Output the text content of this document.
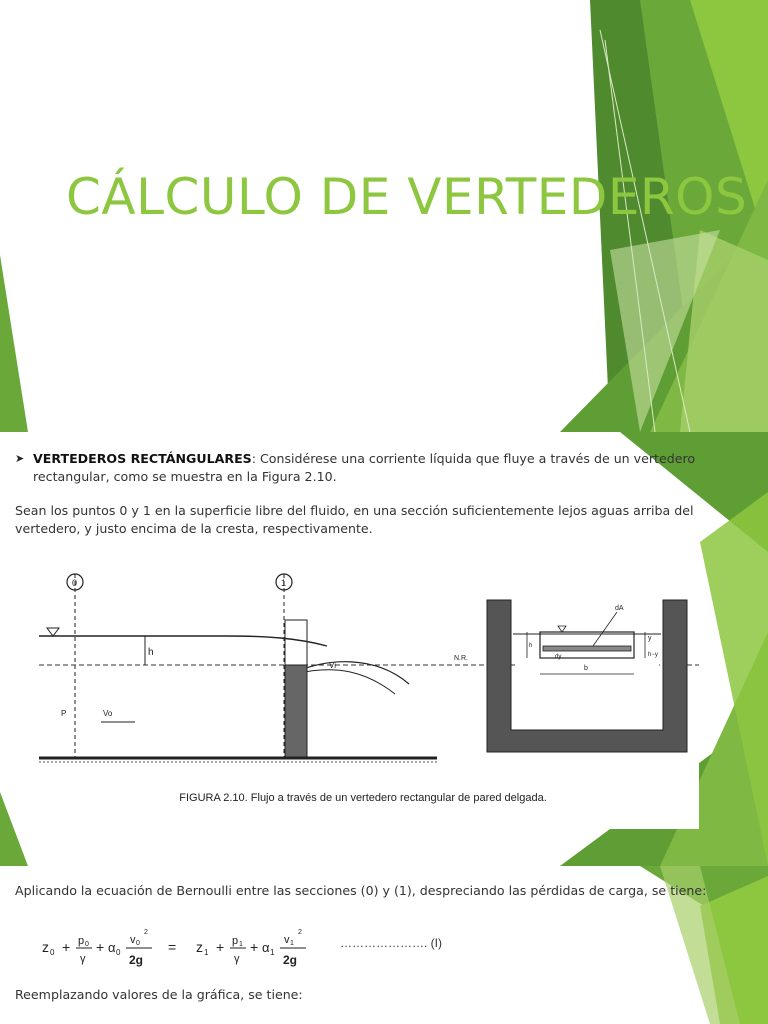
CÁLCULO DE VERTEDEROS
➤ VERTEDEROS RECTÁNGULARES: Considérese una corriente líquida que fluye a través de un vertedero rectangular, como se muestra en la Figura 2.10.

Sean los puntos 0 y 1 en la superficie libre del fluido, en una sección suficientemente lejos aguas arriba del vertedero, y justo encima de la cresta, respectivamente.

0	1
Vi
N.R.
h
P	Vo
dA
dy
y
h−y
h
b
FIGURA 2.10. Flujo a través de un vertedero rectangular de pared delgada.

Aplicando la ecuación de Bernoulli entre las secciones (0) y (1), despreciando las pérdidas de carga, se tiene:

z 0 + p 0
γ
+ α 0
v 0
2
2g
= z 1 + p 1
γ
+ α 1
v 1
2
2g
…………………. (I)

Reemplazando valores de la gráfica, se tiene:
